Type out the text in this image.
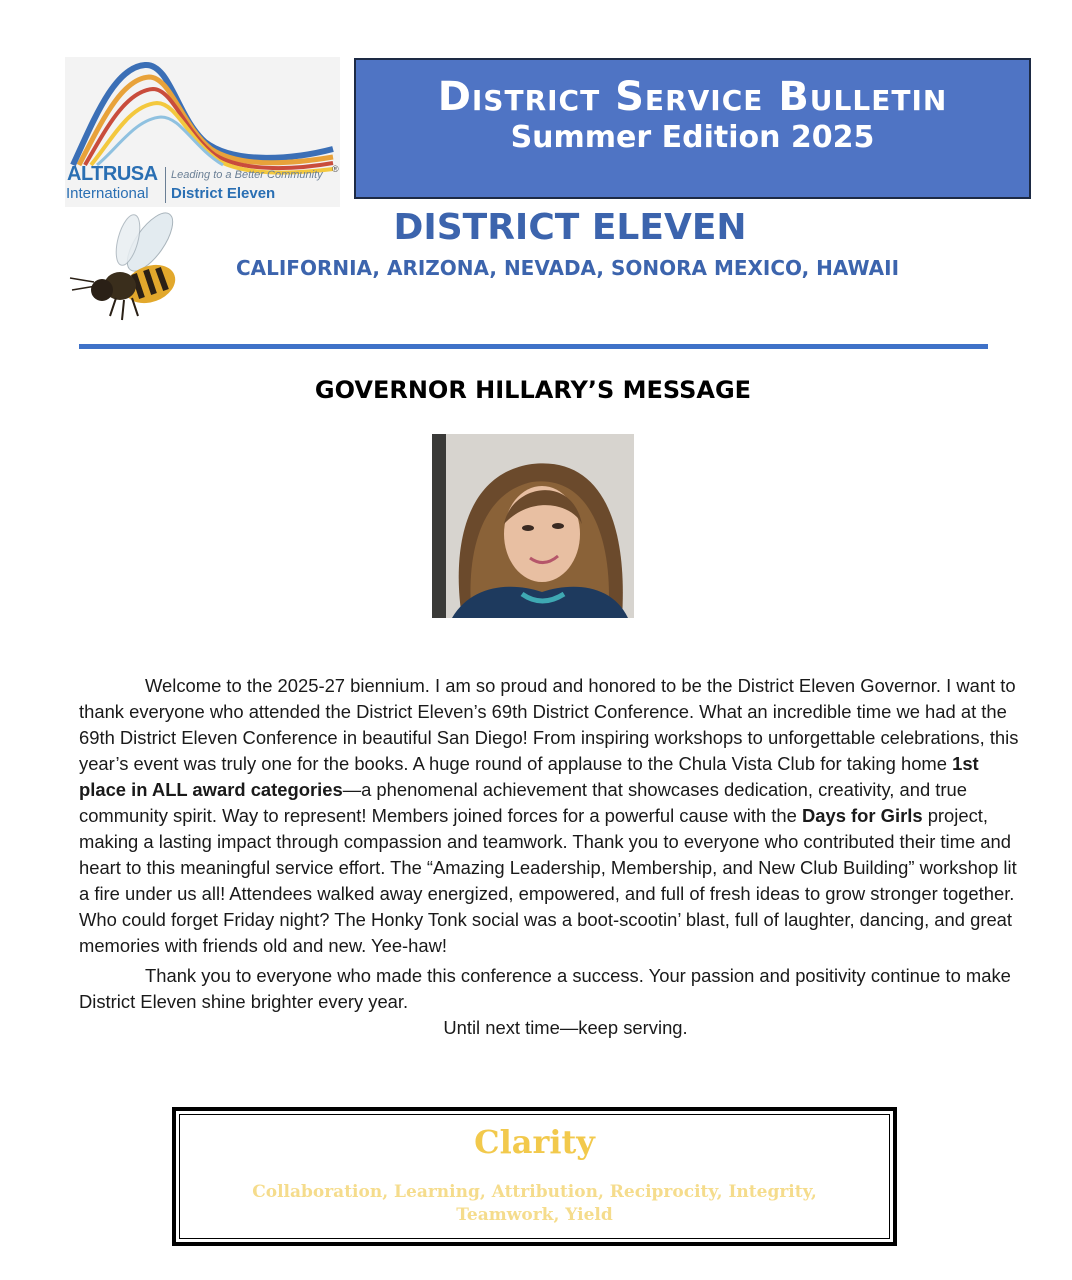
ALTRUSA
International
Leading to a Better Community ®
District Eleven
District Service Bulletin
Summer Edition 2025
DISTRICT ELEVEN
CALIFORNIA, ARIZONA, NEVADA, SONORA MEXICO, HAWAII
GOVERNOR HILLARY’S MESSAGE

Welcome to the 2025-27 biennium. I am so proud and honored to be the District Eleven Governor. I want to thank everyone who attended the District Eleven’s 69th District Conference. What an incredible time we had at the 69th District Eleven Conference in beautiful San Diego! From inspiring workshops to unforgettable celebrations, this year’s event was truly one for the books. A huge round of applause to the Chula Vista Club for taking home 1st place in ALL award categories—a phenomenal achievement that showcases dedication, creativity, and true community spirit. Way to represent! Members joined forces for a powerful cause with the Days for Girls project, making a lasting impact through compassion and teamwork. Thank you to everyone who contributed their time and heart to this meaningful service effort. The “Amazing Leadership, Membership, and New Club Building” workshop lit a fire under us all! Attendees walked away energized, empowered, and full of fresh ideas to grow stronger together. Who could forget Friday night? The Honky Tonk social was a boot-scootin’ blast, full of laughter, dancing, and great memories with friends old and new. Yee-haw!

Thank you to everyone who made this conference a success. Your passion and positivity continue to make District Eleven shine brighter every year.

Until next time—keep serving.

Clarity
Collaboration, Learning, Attribution, Reciprocity, Integrity, Teamwork, Yield
